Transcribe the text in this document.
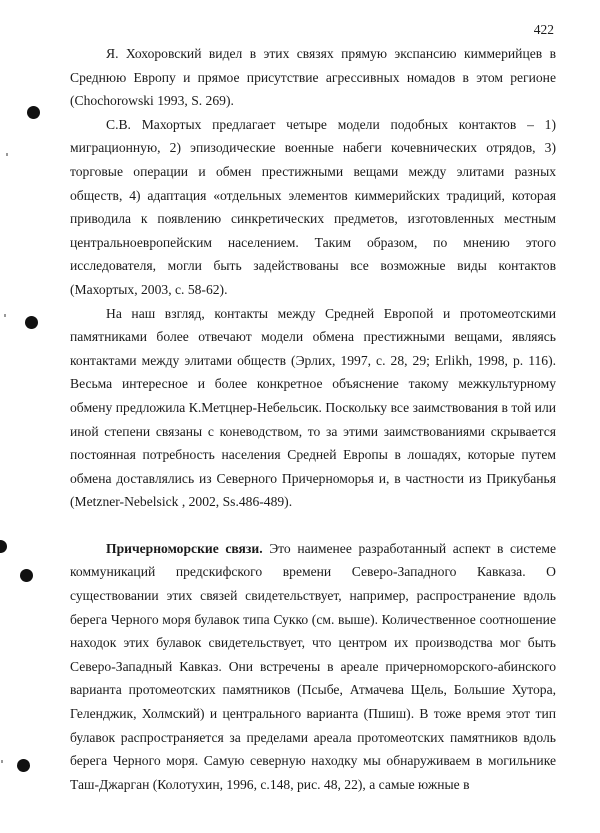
422

Я. Хохоровский видел в этих связях прямую экспансию киммерийцев в Среднюю Европу и прямое присутствие агрессивных номадов в этом регионе (Chochorowski 1993, S. 269).

С.В. Махортых предлагает четыре модели подобных контактов – 1) миграционную, 2) эпизодические военные набеги кочевнических отрядов, 3) торговые операции и обмен престижными вещами между элитами разных обществ, 4) адаптация «отдельных элементов киммерийских традиций, которая приводила к появлению синкретических предметов, изготовленных местным центральноевропейским населением. Таким образом, по мнению этого исследователя, могли быть задействованы все возможные виды контактов (Махортых, 2003, с. 58-62).

На наш взгляд, контакты между Средней Европой и протомеотскими памятниками более отвечают модели обмена престижными вещами, являясь контактами между элитами обществ (Эрлих, 1997, с. 28, 29; Erlikh, 1998, p. 116). Весьма интересное и более конкретное объяснение такому межкультурному обмену предложила К.Метцнер-Небельсик. Поскольку все заимствования в той или иной степени связаны с коневодством, то за этими заимствованиями скрывается постоянная потребность населения Средней Европы в лошадях, которые путем обмена доставлялись из Северного Причерноморья и, в частности из Прикубанья (Metzner-Nebelsick , 2002, Ss.486-489).

Причерноморские связи. Это наименее разработанный аспект в системе коммуникаций предскифского времени Северо-Западного Кавказа. О существовании этих связей свидетельствует, например, распространение вдоль берега Черного моря булавок типа Сукко (см. выше). Количественное соотношение находок этих булавок свидетельствует, что центром их производства мог быть Северо-Западный Кавказ. Они встречены в ареале причерноморского-абинского варианта протомеотских памятников (Псыбе, Атмачева Щель, Большие Хутора, Геленджик, Холмский) и центрального варианта (Пшиш). В тоже время этот тип булавок распространяется за пределами ареала протомеотских памятников вдоль берега Черного моря. Самую северную находку мы обнаруживаем в могильнике Таш-Джарган (Колотухин, 1996, с.148, рис. 48, 22), а самые южные в
